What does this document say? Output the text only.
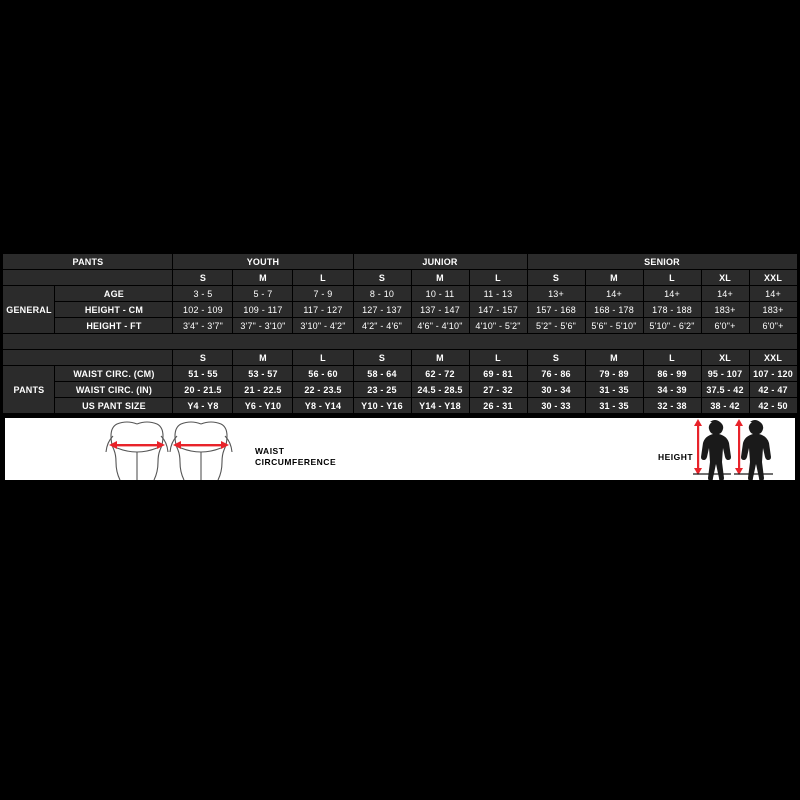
PANTS		YOUTH			JUNIOR			SENIOR				
		S	M	L	S	M	L	S	M	L	XL	XXL
GENERAL	AGE	3 - 5	5 - 7	7 - 9	8 - 10	10 - 11	11 - 13	13+	14+	14+	14+	14+
	HEIGHT - CM	102 - 109	109 - 117	117 - 127	127 - 137	137 - 147	147 - 157	157 - 168	168 - 178	178 - 188	183+	183+
	HEIGHT - FT	3'4" - 3'7"	3'7" - 3'10"	3'10" - 4'2"	4'2" - 4'6"	4'6" - 4'10"	4'10" - 5'2"	5'2" - 5'6"	5'6" - 5'10"	5'10" - 6'2"	6'0"+	6'0"+

		S	M	L	S	M	L	S	M	L	XL	XXL
PANTS	WAIST CIRC. (CM)	51 - 55	53 - 57	56 - 60	58 - 64	62 - 72	69 - 81	76 - 86	79 - 89	86 - 99	95 - 107	107 - 120
	WAIST CIRC. (IN)	20 - 21.5	21 - 22.5	22 - 23.5	23 - 25	24.5 - 28.5	27 - 32	30 - 34	31 - 35	34 - 39	37.5 - 42	42 - 47
	US PANT SIZE	Y4 - Y8	Y6 - Y10	Y8 - Y14	Y10 - Y16	Y14 - Y18	26 - 31	30 - 33	31 - 35	32 - 38	38 - 42	42 - 50
WAIST
CIRCUMFERENCE	HEIGHT
